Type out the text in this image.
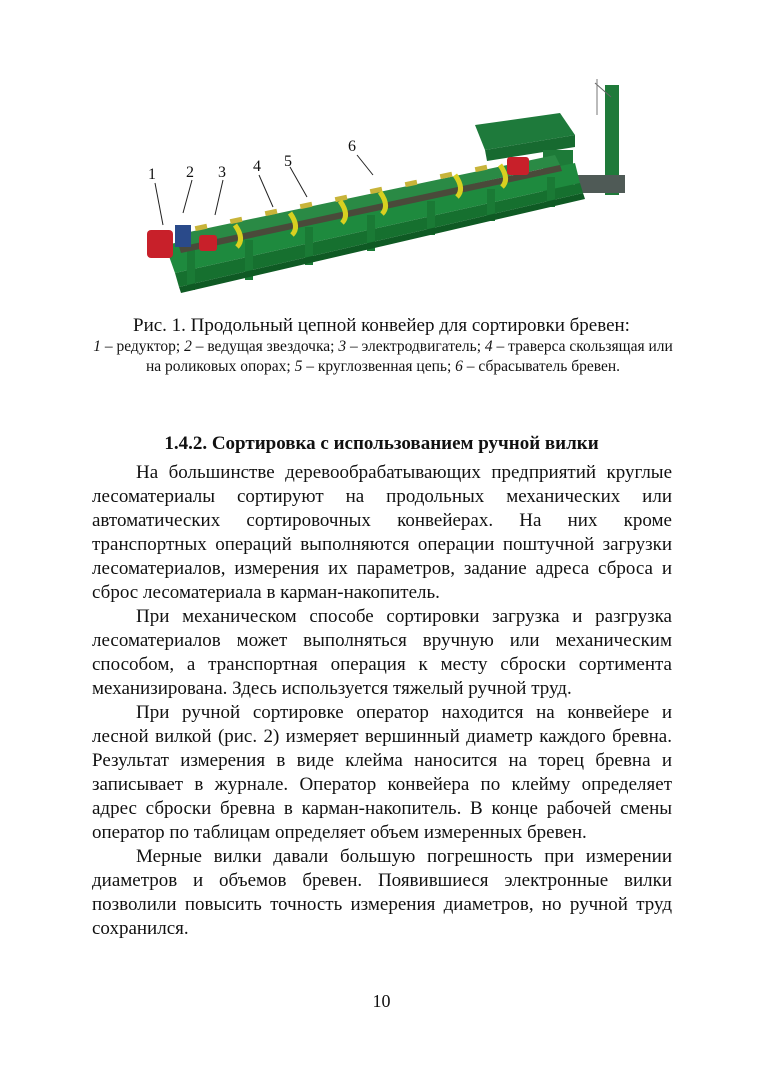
1 2 3 4 5
6

Рис. 1. Продольный цепной конвейер для сортировки бревен:

1 – редуктор; 2 – ведущая звездочка; 3 – электродвигатель; 4 – траверса скользящая или на роликовых опорах; 5 – круглозвенная цепь; 6 – сбрасыватель бревен.

1.4.2. Сортировка с использованием ручной вилки

На большинстве деревообрабатывающих предприятий круглые лесоматериалы сортируют на продольных механических или автоматических сортировочных конвейерах. На них кроме транспортных операций выполняются операции поштучной загрузки лесоматериалов, измерения их параметров, задание адреса сброса и сброс лесоматериала в карман-накопитель.

При механическом способе сортировки загрузка и разгрузка лесоматериалов может выполняться вручную или механическим способом, а транспортная операция к месту сброски сортимента механизирована. Здесь используется тяжелый ручной труд.

При ручной сортировке оператор находится на конвейере и лесной вилкой (рис. 2) измеряет вершинный диаметр каждого бревна. Результат измерения в виде клейма наносится на торец бревна и записывает в журнале. Оператор конвейера по клейму определяет адрес сброски бревна в карман-накопитель. В конце рабочей смены оператор по таблицам определяет объем измеренных бревен.

Мерные вилки давали большую погрешность при измерении диаметров и объемов бревен. Появившиеся электронные вилки позволили повысить точность измерения диаметров, но ручной труд сохранился.

10
